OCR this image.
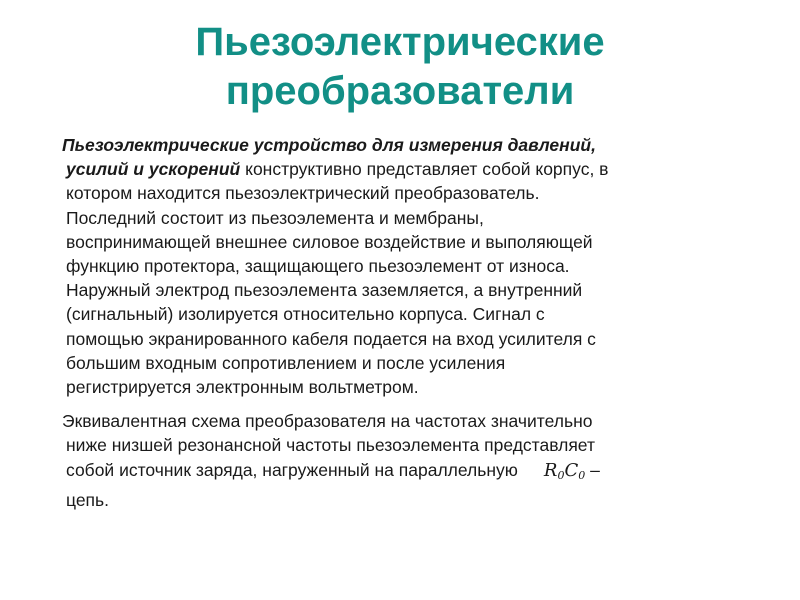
Пьезоэлектрические
преобразователи

Пьезоэлектрические устройство для измерения давлений,
усилий и ускорений конструктивно представляет собой корпус, в
котором находится пьезоэлектрический преобразователь.
Последний состоит из пьезоэлемента и мембраны,
воспринимающей внешнее силовое воздействие и выполяющей
функцию протектора, защищающего пьезоэлемент от износа.
Наружный электрод пьезоэлемента заземляется, а внутренний
(сигнальный) изолируется относительно корпуса. Сигнал с
помощью экранированного кабеля подается на вход усилителя с
большим входным сопротивлением и после усиления
регистрируется электронным вольтметром.

Эквивалентная схема преобразователя на частотах значительно
ниже низшей резонансной частоты пьезоэлемента представляет
собой источник заряда, нагруженный на параллельную $R_0C_0$ –
цепь.
